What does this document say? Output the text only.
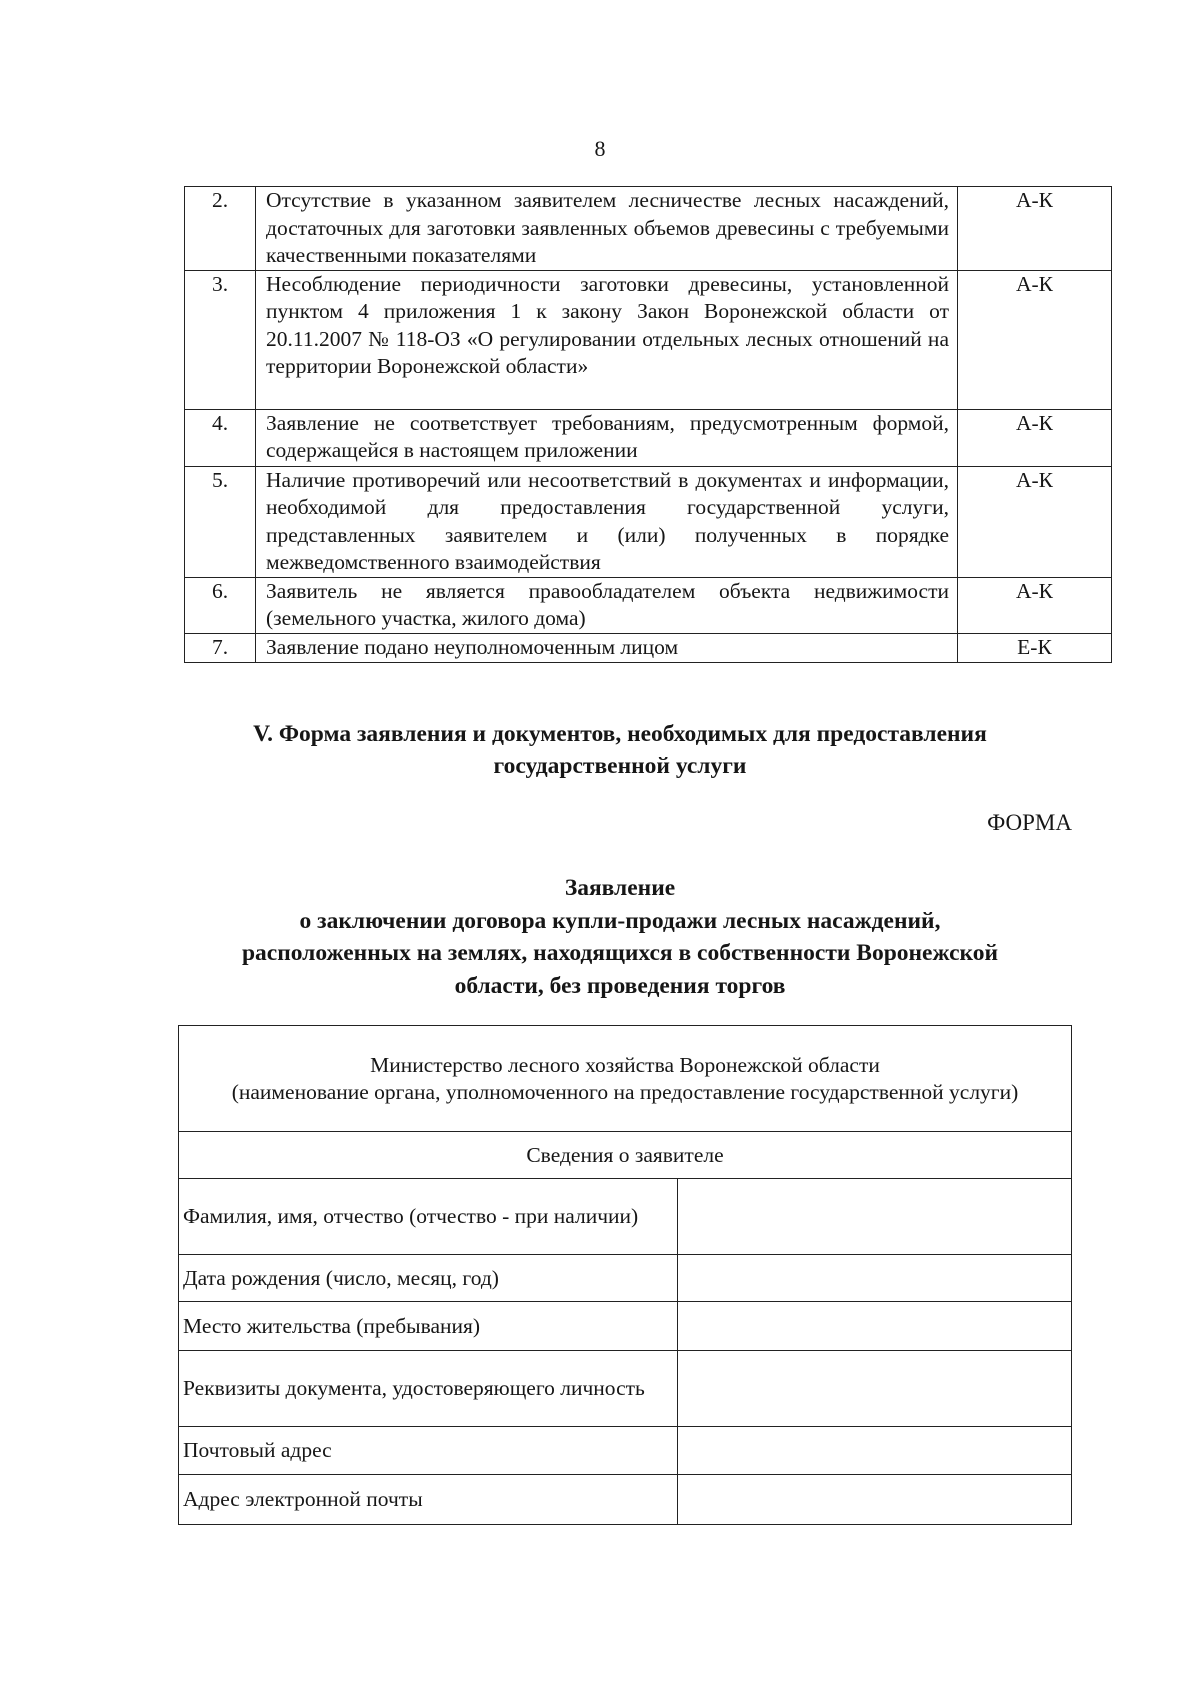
8
2.	Отсутствие в указанном заявителем лесничестве лесных насаждений, достаточных для заготовки заявленных объемов древесины с требуемыми качественными показателями	А-К
3.	Несоблюдение периодичности заготовки древесины, установленной пунктом 4 приложения 1 к закону Закон Воронежской области от 20.11.2007 № 118-ОЗ «О регулировании отдельных лесных отношений на территории Воронежской области»	А-К
4.	Заявление не соответствует требованиям, предусмотренным формой, содержащейся в настоящем приложении	А-К
5.	Наличие противоречий или несоответствий в документах и информации, необходимой для предоставления государственной услуги, представленных заявителем и (или) полученных в порядке межведомственного взаимодействия	А-К
6.	Заявитель не является правообладателем объекта недвижимости (земельного участка, жилого дома)	А-К
7.	Заявление подано неуполномоченным лицом	Е-К
V. Форма заявления и документов, необходимых для предоставления
государственной услуги
ФОРМА
Заявление
о заключении договора купли-продажи лесных насаждений,
расположенных на землях, находящихся в собственности Воронежской
области, без проведения торгов
Министерство лесного хозяйства Воронежской области
(наименование органа, уполномоченного на предоставление государственной услуги)	

Сведения о заявителе	
Фамилия, имя, отчество (отчество - при наличии)	
Дата рождения (число, месяц, год)	
Место жительства (пребывания)	
Реквизиты документа, удостоверяющего личность	
Почтовый адрес	
Адрес электронной почты	
